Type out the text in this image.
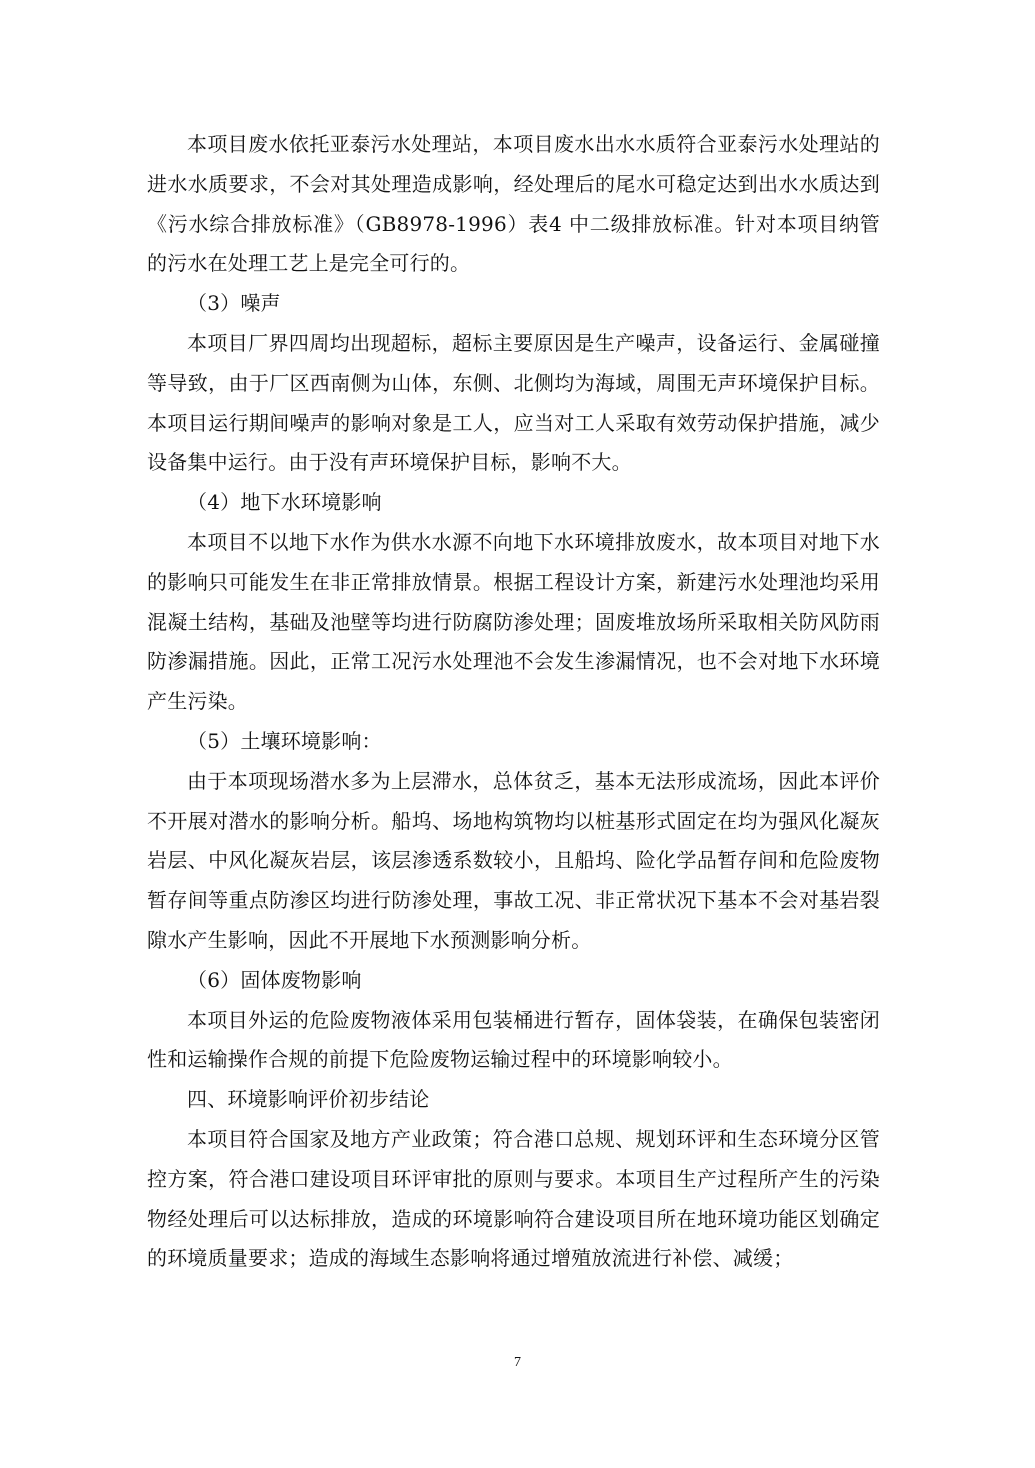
本项目废水依托亚泰污水处理站，本项目废水出水水质符合亚泰污水处理站的进水水质要求，不会对其处理造成影响，经处理后的尾水可稳定达到出水水质达到《污水综合排放标准》（GB8978-1996）表4 中二级排放标准。针对本项目纳管的污水在处理工艺上是完全可行的。

（3）噪声

本项目厂界四周均出现超标，超标主要原因是生产噪声，设备运行、金属碰撞等导致，由于厂区西南侧为山体，东侧、北侧均为海域，周围无声环境保护目标。本项目运行期间噪声的影响对象是工人，应当对工人采取有效劳动保护措施，减少设备集中运行。由于没有声环境保护目标，影响不大。

（4）地下水环境影响

本项目不以地下水作为供水水源不向地下水环境排放废水，故本项目对地下水的影响只可能发生在非正常排放情景。根据工程设计方案，新建污水处理池均采用混凝土结构，基础及池壁等均进行防腐防渗处理；固废堆放场所采取相关防风防雨防渗漏措施。因此，正常工况污水处理池不会发生渗漏情况，也不会对地下水环境产生污染。

（5）土壤环境影响：

由于本项现场潜水多为上层滞水，总体贫乏，基本无法形成流场，因此本评价不开展对潜水的影响分析。船坞、场地构筑物均以桩基形式固定在均为强风化凝灰岩层、中风化凝灰岩层，该层渗透系数较小，且船坞、险化学品暂存间和危险废物暂存间等重点防渗区均进行防渗处理，事故工况、非正常状况下基本不会对基岩裂隙水产生影响，因此不开展地下水预测影响分析。

（6）固体废物影响

本项目外运的危险废物液体采用包装桶进行暂存，固体袋装，在确保包装密闭性和运输操作合规的前提下危险废物运输过程中的环境影响较小。

四、环境影响评价初步结论

本项目符合国家及地方产业政策；符合港口总规、规划环评和生态环境分区管控方案，符合港口建设项目环评审批的原则与要求。本项目生产过程所产生的污染物经处理后可以达标排放，造成的环境影响符合建设项目所在地环境功能区划确定的环境质量要求；造成的海域生态影响将通过增殖放流进行补偿、减缓；

7
